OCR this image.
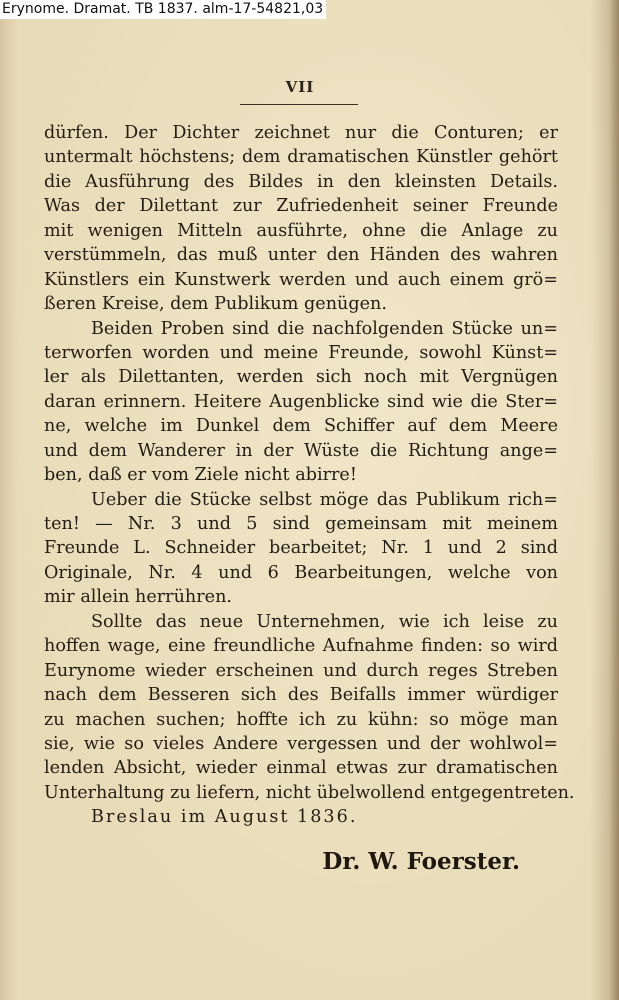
Erynome. Dramat. TB 1837. alm-17-54821,03
VII
dürfen. Der Dichter zeichnet nur die Conturen; er
untermalt höchstens; dem dramatischen Künstler gehört
die Ausführung des Bildes in den kleinsten Details.
Was der Dilettant zur Zufriedenheit seiner Freunde
mit wenigen Mitteln ausführte, ohne die Anlage zu
verstümmeln, das muß unter den Händen des wahren
Künstlers ein Kunstwerk werden und auch einem grö=
ßeren Kreise, dem Publikum genügen.
Beiden Proben sind die nachfolgenden Stücke un=
terworfen worden und meine Freunde, sowohl Künst=
ler als Dilettanten, werden sich noch mit Vergnügen
daran erinnern. Heitere Augenblicke sind wie die Ster=
ne, welche im Dunkel dem Schiffer auf dem Meere
und dem Wanderer in der Wüste die Richtung ange=
ben, daß er vom Ziele nicht abirre!
Ueber die Stücke selbst möge das Publikum rich=
ten! — Nr. 3 und 5 sind gemeinsam mit meinem
Freunde L. Schneider bearbeitet; Nr. 1 und 2 sind
Originale, Nr. 4 und 6 Bearbeitungen, welche von
mir allein herrühren.
Sollte das neue Unternehmen, wie ich leise zu
hoffen wage, eine freundliche Aufnahme finden: so wird
Eurynome wieder erscheinen und durch reges Streben
nach dem Besseren sich des Beifalls immer würdiger
zu machen suchen; hoffte ich zu kühn: so möge man
sie, wie so vieles Andere vergessen und der wohlwol=
lenden Absicht, wieder einmal etwas zur dramatischen
Unterhaltung zu liefern, nicht übelwollend entgegentreten.
Breslau im August 1836.
Dr. W. Foerster.
